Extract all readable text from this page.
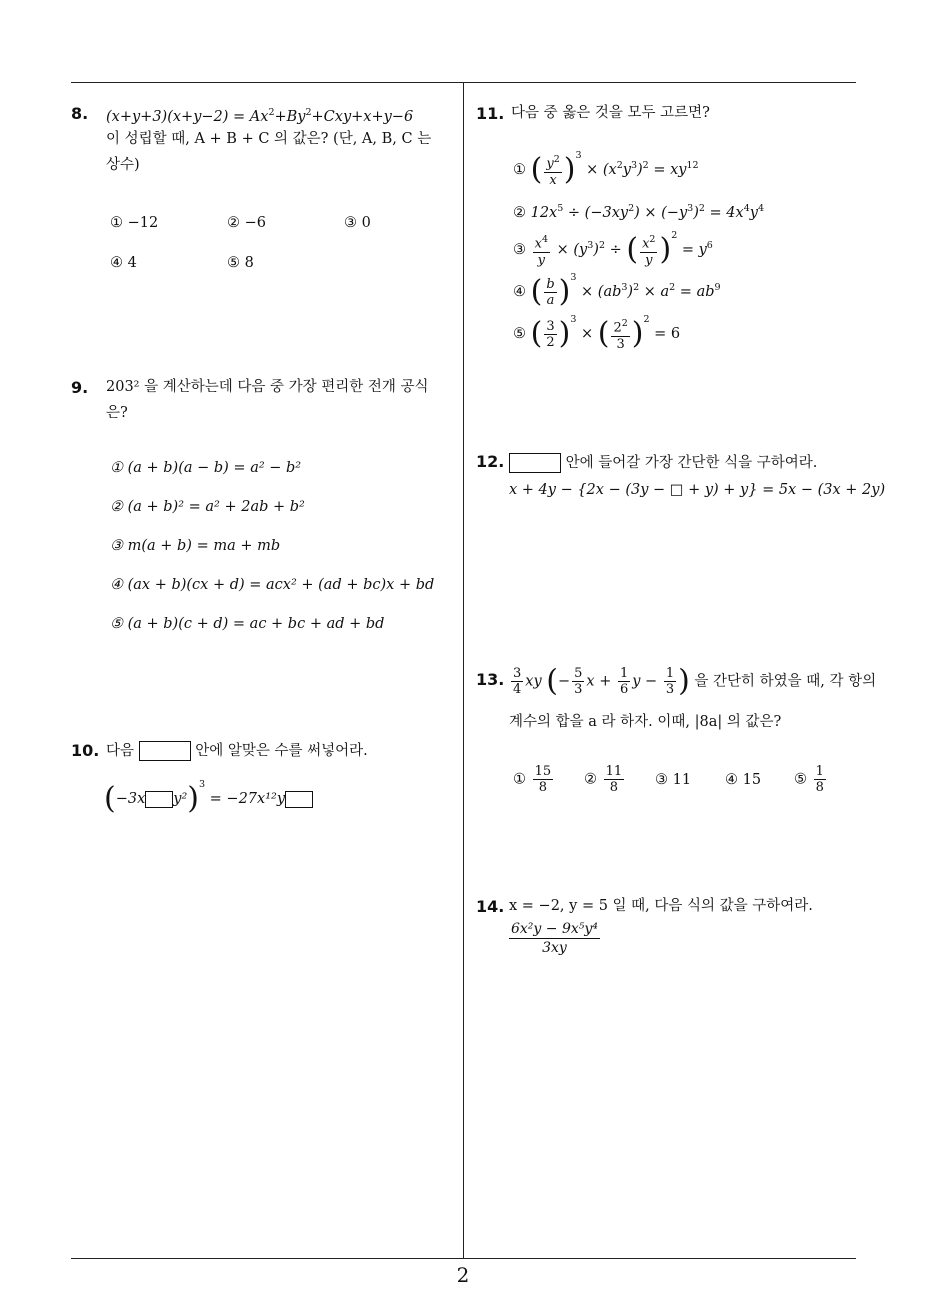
8. $(x+y+3)(x+y-2) = Ax^2+By^2+Cxy+x+y-6$
이 성립할 때, A + B + C 의 값은? (단, A, B, C 는
상수)
① −12	② −6	③ 0
④ 4	⑤ 8
9. 203² 을 계산하는데 다음 중 가장 편리한 전개 공식
은?
① (a + b)(a − b) = a² − b²
② (a + b)² = a² + 2ab + b²
③ m(a + b) = ma + mb
④ (ax + b)(cx + d) = acx² + (ad + bc)x + bd
⑤ (a + b)(c + d) = ac + bc + ad + bd
10. 다음	안에 알맞은 수를 써넣어라.
(−3x y²)$^3$ = −27x¹²y
11. 다음 중 옳은 것을 모두 고르면?
① ( $\frac{y^2}{x} )^3 \times (x^2y^3)^2 = xy^{12}$
② $12x^5 \div (-3xy^2) \times (-y^3)^2 = 4x^4y^4$
③ $\frac{x^4}{y} \times (y^3)^2$ ÷ ( $\frac{x^2}{y} )^2 = y^6$
④ ( $\frac{b}{a} )^3 \times (ab^3)^2 \times a^2 = ab^9$
⑤ ( $\frac{3}{2} )^3$ × ( $\frac{2^2}{3} )^2 = 6$
12.	안에 들어갈 가장 간단한 식을 구하여라.
x + 4y − {2x − (3y − □ + y) + y} = 5x − (3x + 2y)
13. $\frac{3}{4}$ xy (− $\frac{5}{3}$ $x + \frac{1}{6}$ $y - \frac{1}{3}$ ) 을 간단히 하였을 때, 각 항의
계수의 합을 a 라 하자. 이때, |8a| 의 값은?
① $\frac{15}{8}$ ② $\frac{11}{8}$ ③ 11 ④ 15 ⑤ $\frac{1}{8}$
14. x = −2, y = 5 일 때, 다음 식의 값을 구하여라.
$\frac{\text{6x²y − 9x⁵y⁴}}{3xy}$
2
